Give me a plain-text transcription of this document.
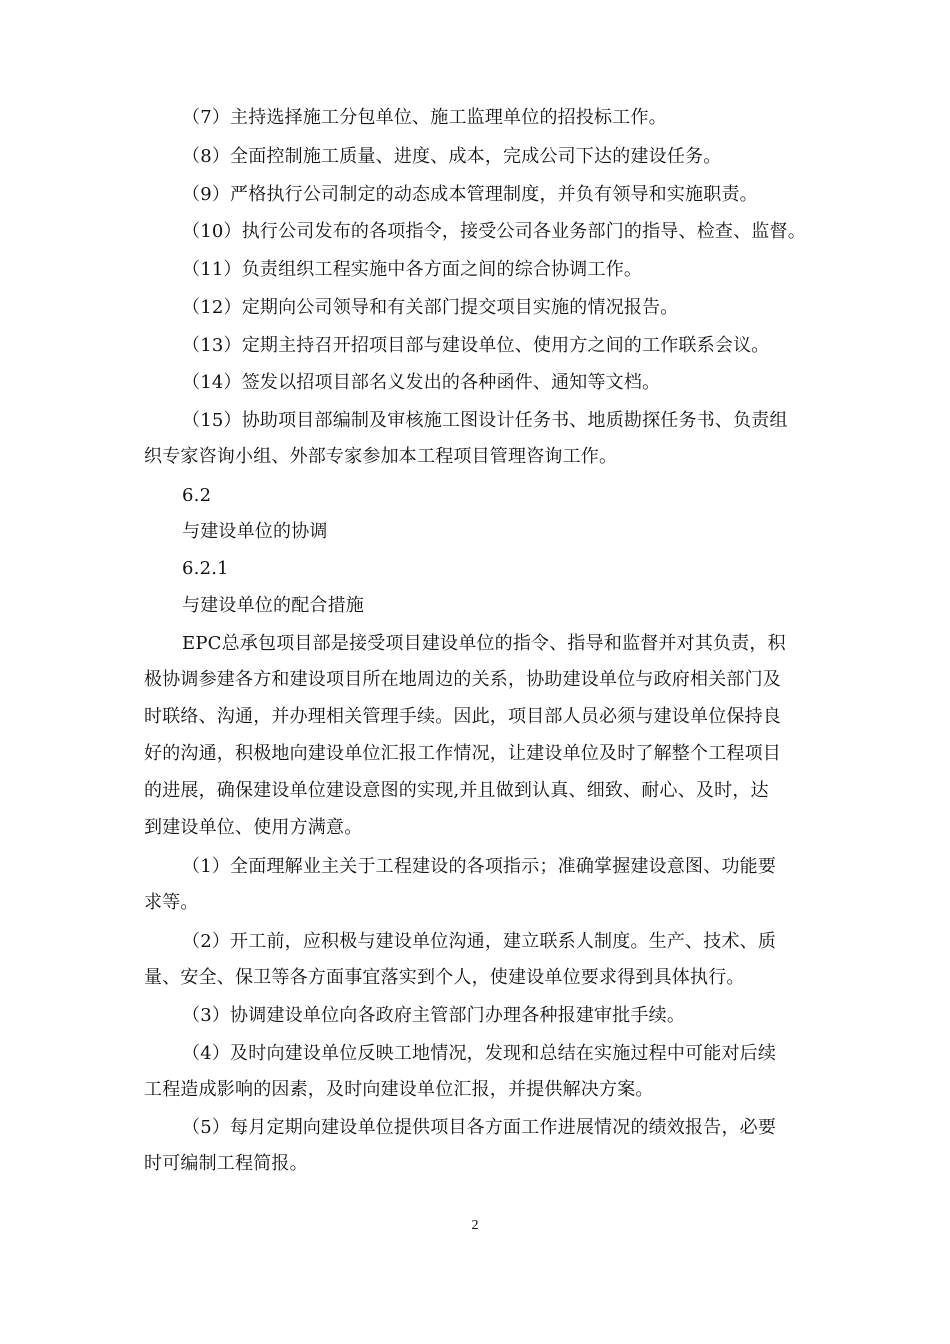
（7）主持选择施工分包单位、施工监理单位的招投标工作。
（8）全面控制施工质量、进度、成本，完成公司下达的建设任务。
（9）严格执行公司制定的动态成本管理制度，并负有领导和实施职责。
（10）执行公司发布的各项指令，接受公司各业务部门的指导、检查、监督。
（11）负责组织工程实施中各方面之间的综合协调工作。
（12）定期向公司领导和有关部门提交项目实施的情况报告。
（13）定期主持召开招项目部与建设单位、使用方之间的工作联系会议。
（14）签发以招项目部名义发出的各种函件、通知等文档。
（15）协助项目部编制及审核施工图设计任务书、地质勘探任务书、负责组
织专家咨询小组、外部专家参加本工程项目管理咨询工作。
6.2
与建设单位的协调
6.2.1
与建设单位的配合措施
EPC总承包项目部是接受项目建设单位的指令、指导和监督并对其负责，积
极协调参建各方和建设项目所在地周边的关系，协助建设单位与政府相关部门及
时联络、沟通，并办理相关管理手续。因此，项目部人员必须与建设单位保持良
好的沟通，积极地向建设单位汇报工作情况，让建设单位及时了解整个工程项目
的进展，确保建设单位建设意图的实现,并且做到认真、细致、耐心、及时，达
到建设单位、使用方满意。
（1）全面理解业主关于工程建设的各项指示；准确掌握建设意图、功能要
求等。
（2）开工前，应积极与建设单位沟通，建立联系人制度。生产、技术、质
量、安全、保卫等各方面事宜落实到个人，使建设单位要求得到具体执行。
（3）协调建设单位向各政府主管部门办理各种报建审批手续。
（4）及时向建设单位反映工地情况，发现和总结在实施过程中可能对后续
工程造成影响的因素，及时向建设单位汇报，并提供解决方案。
（5）每月定期向建设单位提供项目各方面工作进展情况的绩效报告，必要
时可编制工程简报。
2
